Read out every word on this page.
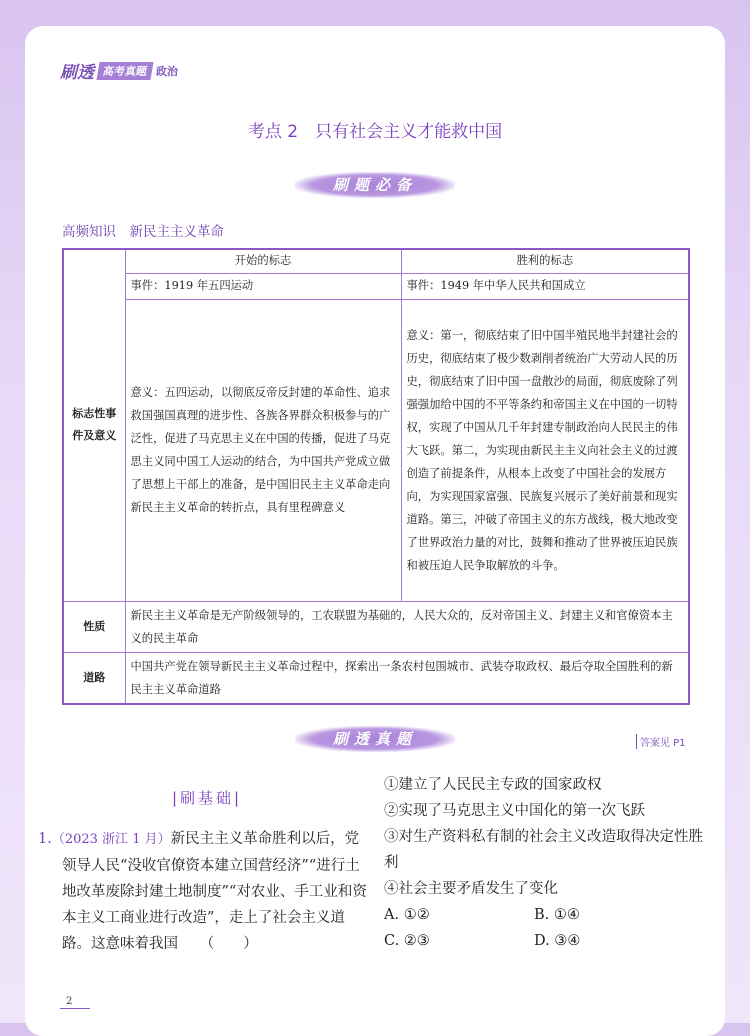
刷透 高考真题 政治
考点 2　只有社会主义才能救中国
刷题必备
高频知识　新民主主义革命
标志性事件及意义	开始的标志	胜利的标志
	事件：1919 年五四运动	事件：1949 年中华人民共和国成立
	意义：五四运动，以彻底反帝反封建的革命性、追求救国强国真理的进步性、各族各界群众积极参与的广泛性，促进了马克思主义在中国的传播，促进了马克思主义同中国工人运动的结合，为中国共产党成立做了思想上干部上的准备，是中国旧民主主义革命走向新民主主义革命的转折点，具有里程碑意义	意义：第一，彻底结束了旧中国半殖民地半封建社会的历史，彻底结束了极少数剥削者统治广大劳动人民的历史，彻底结束了旧中国一盘散沙的局面，彻底废除了列强强加给中国的不平等条约和帝国主义在中国的一切特权，实现了中国从几千年封建专制政治向人民民主的伟大飞跃。第二，为实现由新民主主义向社会主义的过渡创造了前提条件，从根本上改变了中国社会的发展方向，为实现国家富强、民族复兴展示了美好前景和现实道路。第三，冲破了帝国主义的东方战线，极大地改变了世界政治力量的对比，鼓舞和推动了世界被压迫民族和被压迫人民争取解放的斗争。
性质	新民主主义革命是无产阶级领导的，工农联盟为基础的，人民大众的，反对帝国主义、封建主义和官僚资本主义的民主革命	
道路	中国共产党在领导新民主主义革命过程中，探索出一条农村包围城市、武装夺取政权、最后夺取全国胜利的新民主主义革命道路	
刷透真题	答案见 P1
|刷基础|
1.（2023 浙江 1 月）新民主主义革命胜利以后，党领导人民“没收官僚资本建立国营经济”“进行土地改革废除封建土地制度”“对农业、手工业和资本主义工商业进行改造”，走上了社会主义道路。这意味着我国　　（　　）
①建立了人民民主专政的国家政权
②实现了马克思主义中国化的第一次飞跃
③对生产资料私有制的社会主义改造取得决定性胜利
④社会主要矛盾发生了变化
A. ①②	B. ①④
C. ②③	D. ③④
2
